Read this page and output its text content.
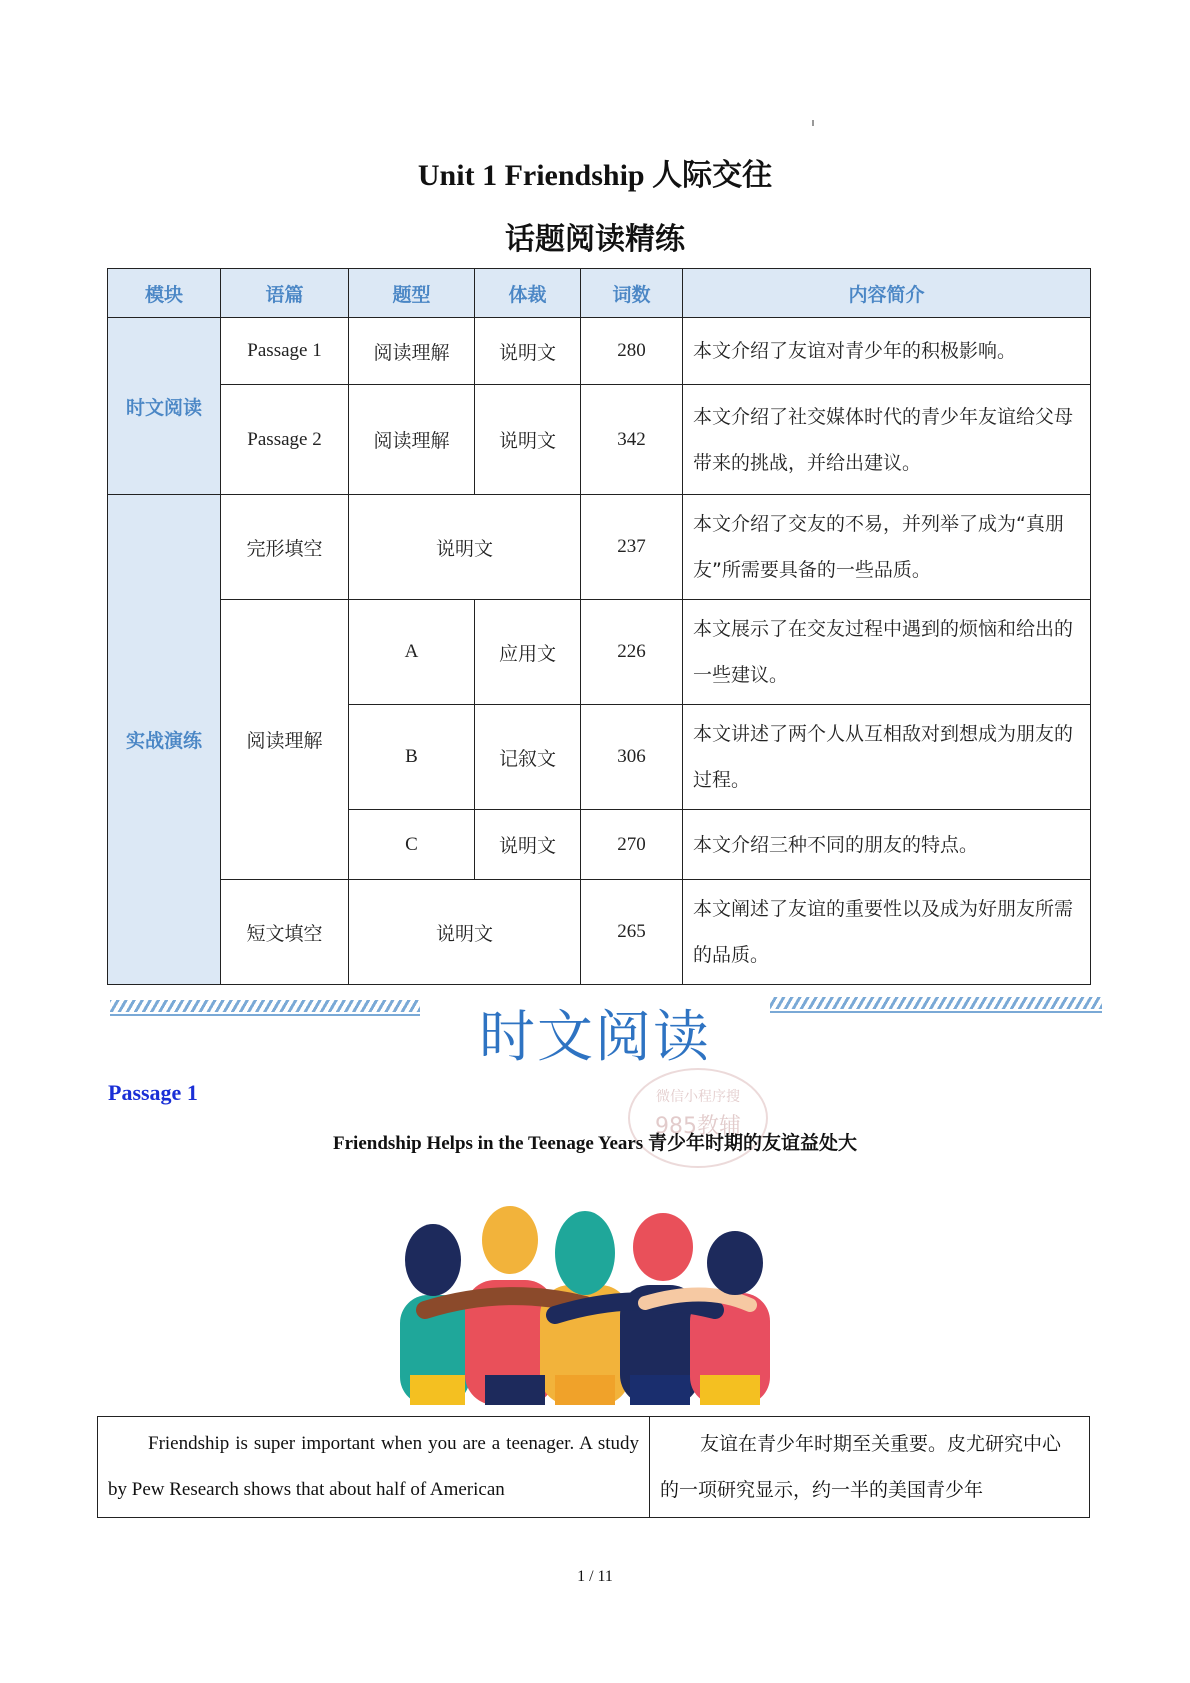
Unit 1 Friendship 人际交往
话题阅读精练
模块	语篇	题型	体裁	词数	内容简介
时文阅读	Passage 1	阅读理解	说明文	280	本文介绍了友谊对青少年的积极影响。
	Passage 2	阅读理解	说明文	342	本文介绍了社交媒体时代的青少年友谊给父母带来的挑战，并给出建议。
实战演练	完形填空	说明文		237	本文介绍了交友的不易，并列举了成为“真朋友”所需要具备的一些品质。
	阅读理解	A	应用文	226	本文展示了在交友过程中遇到的烦恼和给出的一些建议。
		B	记叙文	306	本文讲述了两个人从互相敌对到想成为朋友的过程。
		C	说明文	270	本文介绍三种不同的朋友的特点。
	短文填空	说明文		265	本文阐述了友谊的重要性以及成为好朋友所需的品质。
时文阅读
Passage 1	微信小程序搜
985教辅
Friendship Helps in the Teenage Years 青少年时期的友谊益处大
Friendship is super important when you are a teenager. A study by Pew Research shows that about half of American	友谊在青少年时期至关重要。皮尤研究中心的一项研究显示，约一半的美国青少年
1 / 11
